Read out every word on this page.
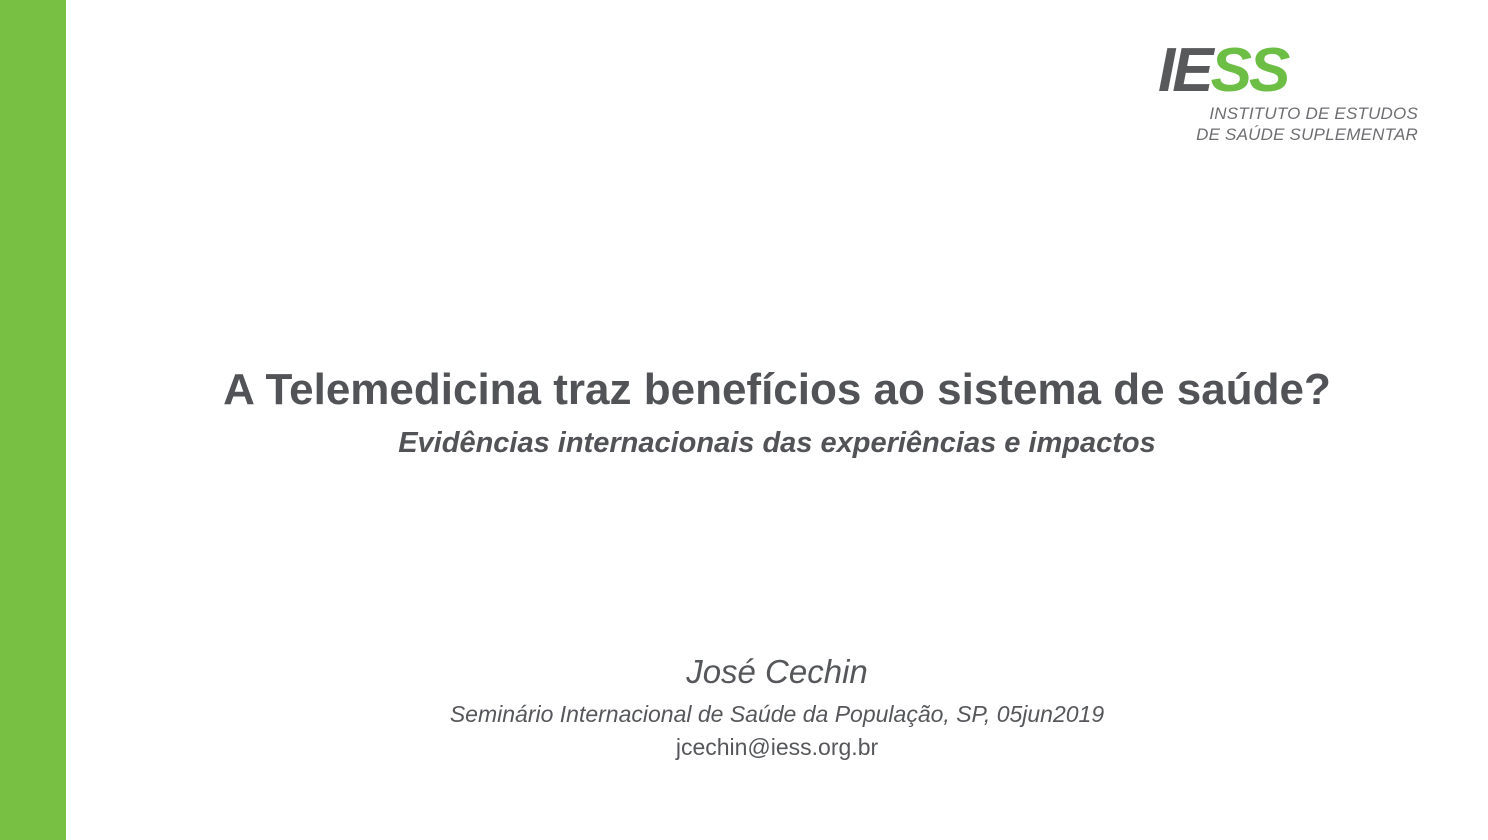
IESS
INSTITUTO DE ESTUDOS
DE SAÚDE SUPLEMENTAR
A Telemedicina traz benefícios ao sistema de saúde?
Evidências internacionais das experiências e impactos
José Cechin
Seminário Internacional de Saúde da População, SP, 05jun2019
jcechin@iess.org.br
